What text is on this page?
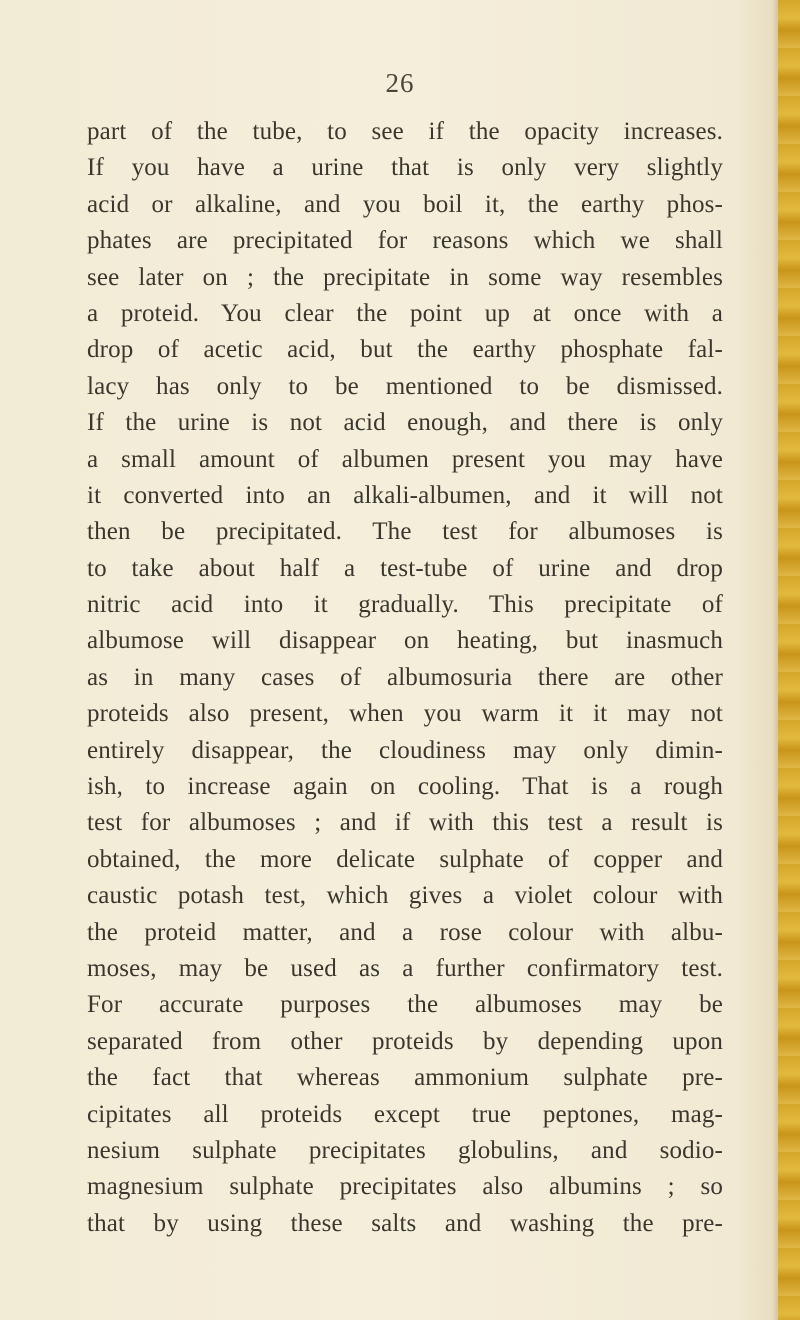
26
part of the tube, to see if the opacity increases.
If you have a urine that is only very slightly
acid or alkaline, and you boil it, the earthy phos-
phates are precipitated for reasons which we shall
see later on ; the precipitate in some way resembles
a proteid. You clear the point up at once with a
drop of acetic acid, but the earthy phosphate fal-
lacy has only to be mentioned to be dismissed.
If the urine is not acid enough, and there is only
a small amount of albumen present you may have
it converted into an alkali-albumen, and it will not
then be precipitated. The test for albumoses is
to take about half a test-tube of urine and drop
nitric acid into it gradually. This precipitate of
albumose will disappear on heating, but inasmuch
as in many cases of albumosuria there are other
proteids also present, when you warm it it may not
entirely disappear, the cloudiness may only dimin-
ish, to increase again on cooling. That is a rough
test for albumoses ; and if with this test a result is
obtained, the more delicate sulphate of copper and
caustic potash test, which gives a violet colour with
the proteid matter, and a rose colour with albu-
moses, may be used as a further confirmatory test.
For accurate purposes the albumoses may be
separated from other proteids by depending upon
the fact that whereas ammonium sulphate pre-
cipitates all proteids except true peptones, mag-
nesium sulphate precipitates globulins, and sodio-
magnesium sulphate precipitates also albumins ; so
that by using these salts and washing the pre-
